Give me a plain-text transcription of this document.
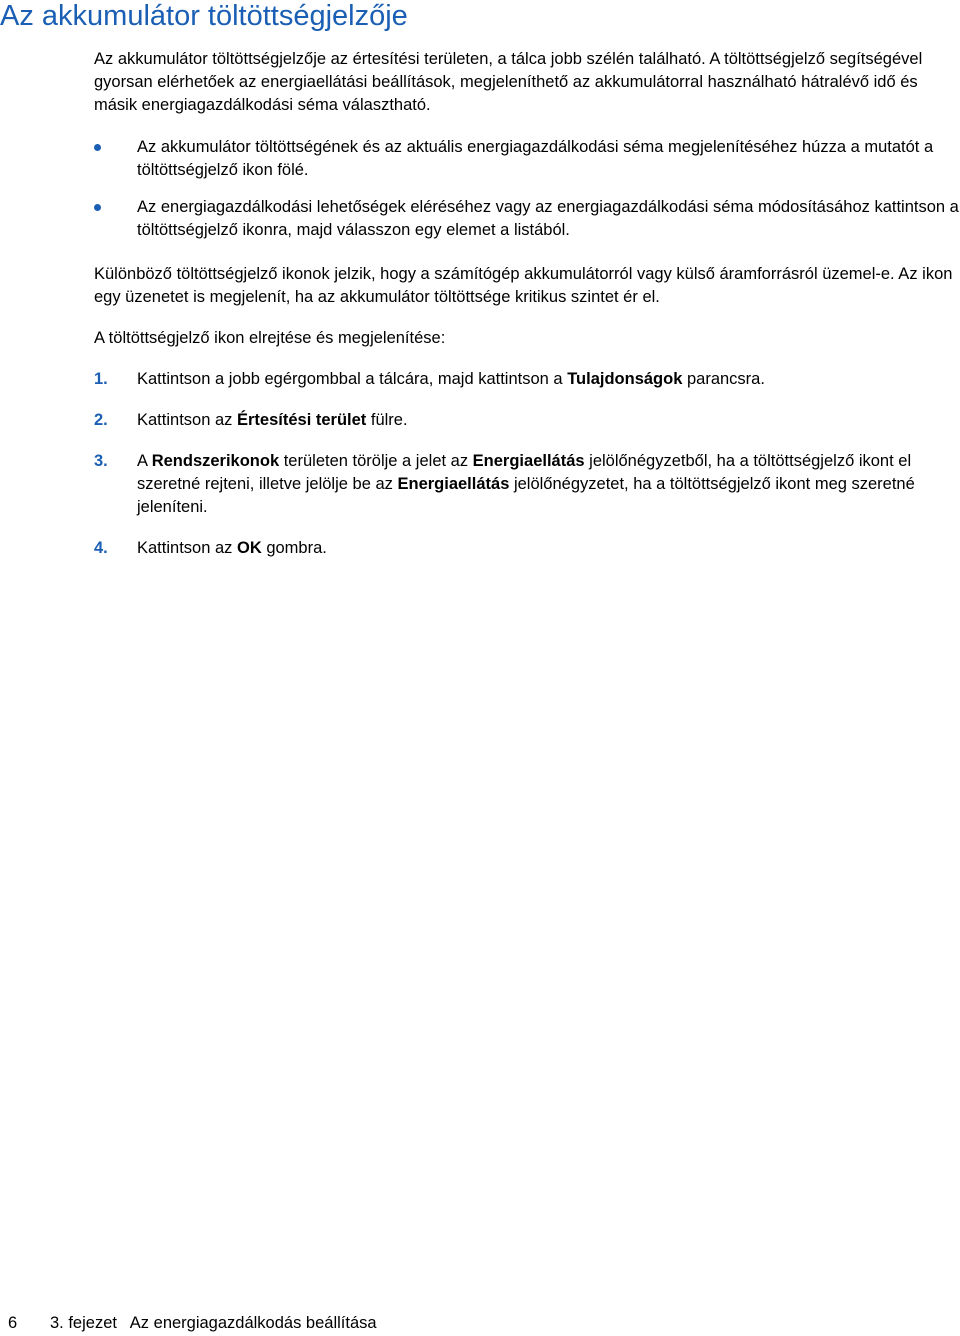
Az akkumulátor töltöttségjelzője

Az akkumulátor töltöttségjelzője az értesítési területen, a tálca jobb szélén található. A töltöttségjelző segítségével gyorsan elérhetőek az energiaellátási beállítások, megjeleníthető az akkumulátorral használható hátralévő idő és másik energiagazdálkodási séma választható.

Az akkumulátor töltöttségének és az aktuális energiagazdálkodási séma megjelenítéséhez húzza a mutatót a töltöttségjelző ikon fölé.
Az energiagazdálkodási lehetőségek eléréséhez vagy az energiagazdálkodási séma módosításához kattintson a töltöttségjelző ikonra, majd válasszon egy elemet a listából.

Különböző töltöttségjelző ikonok jelzik, hogy a számítógép akkumulátorról vagy külső áramforrásról üzemel-e. Az ikon egy üzenetet is megjelenít, ha az akkumulátor töltöttsége kritikus szintet ér el.

A töltöttségjelző ikon elrejtése és megjelenítése:

1. Kattintson a jobb egérgombbal a tálcára, majd kattintson a Tulajdonságok parancsra.
2. Kattintson az Értesítési terület fülre.
3. A Rendszerikonok területen törölje a jelet az Energiaellátás jelölőnégyzetből, ha a töltöttségjelző ikont el szeretné rejteni, illetve jelölje be az Energiaellátás jelölőnégyzetet, ha a töltöttségjelző ikont meg szeretné jeleníteni.
4. Kattintson az OK gombra.
6 3. fejezet   Az energiagazdálkodás beállítása
